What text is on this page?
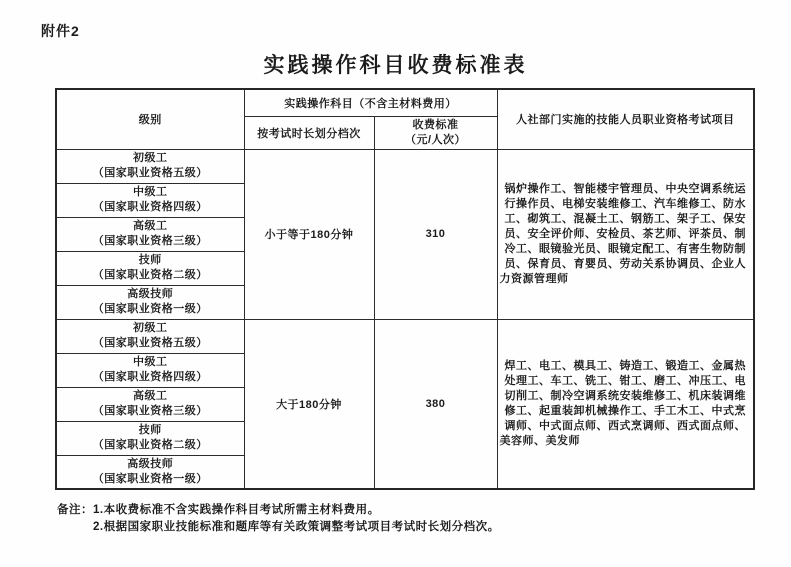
附件2
实践操作科目收费标准表
级别	实践操作科目（不含主材料费用）		人社部门实施的技能人员职业资格考试项目
	按考试时长划分档次	收费标准
（元/人次）	

初级工
（国家职业资格五级）	小于等于180分钟	310	锅炉操作工、智能楼宇管理员、中央空调系统运行操作员、电梯安装维修工、汽车维修工、防水工、砌筑工、混凝土工、钢筋工、架子工、保安员、安全评价师、安检员、茶艺师、评茶员、制冷工、眼镜验光员、眼镜定配工、有害生物防制员、保育员、育婴员、劳动关系协调员、企业人力资源管理师

中级工
（国家职业资格四级）			

高级工
（国家职业资格三级）			

技师
（国家职业资格二级）			

高级技师
（国家职业资格一级）			

初级工
（国家职业资格五级）	大于180分钟	380	焊工、电工、模具工、铸造工、锻造工、金属热处理工、车工、铣工、钳工、磨工、冲压工、电切削工、制冷空调系统安装维修工、机床装调维修工、起重装卸机械操作工、手工木工、中式烹调师、中式面点师、西式烹调师、西式面点师、美容师、美发师

中级工
（国家职业资格四级）			

高级工
（国家职业资格三级）			

技师
（国家职业资格二级）			

高级技师
（国家职业资格一级）			
备注： 1.本收费标准不含实践操作科目考试所需主材料费用。
2.根据国家职业技能标准和题库等有关政策调整考试项目考试时长划分档次。
